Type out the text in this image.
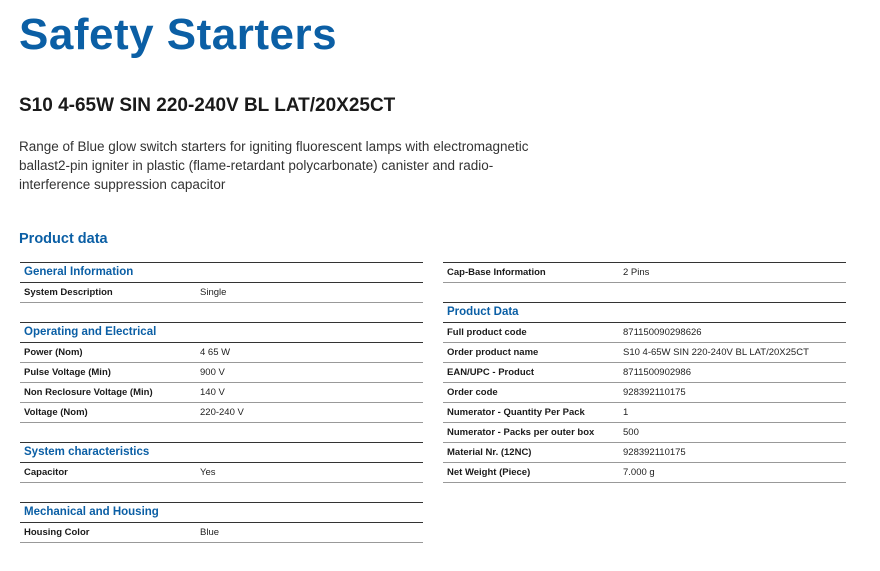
Safety Starters
S10 4-65W SIN 220-240V BL LAT/20X25CT

Range of Blue glow switch starters for igniting fluorescent lamps with electromagnetic ballast2-pin igniter in plastic (flame-retardant polycarbonate) canister and radio-interference suppression capacitor

Product data
General Information
System Description	Single
Operating and Electrical
Power (Nom)	4 65 W
Pulse Voltage (Min)	900 V
Non Reclosure Voltage (Min)	140 V
Voltage (Nom)	220-240 V
System characteristics
Capacitor	Yes
Mechanical and Housing
Housing Color	Blue
Cap-Base Information	2 Pins
Product Data
Full product code	871150090298626
Order product name	S10 4-65W SIN 220-240V BL LAT/20X25CT
EAN/UPC - Product	8711500902986
Order code	928392110175
Numerator - Quantity Per Pack	1
Numerator - Packs per outer box	500
Material Nr. (12NC)	928392110175
Net Weight (Piece)	7.000 g
